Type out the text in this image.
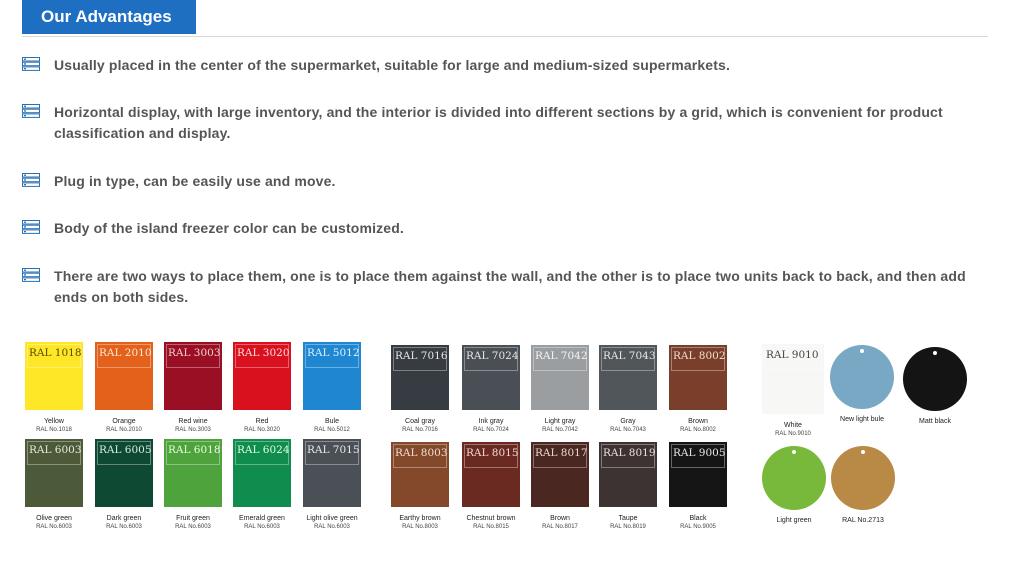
Our Advantages
Usually placed in the center of the supermarket, suitable for large and medium-sized supermarkets.
Horizontal display, with large inventory, and the interior is divided into different sections by a grid, which is convenient for product classification and display.
Plug in type, can be easily use and move.
Body of the island freezer color can be customized.
There are two ways to place them, one is to place them against the wall, and the other is to place two units back to back, and then add ends on both sides.
RAL 1018
Yellow
RAL No.1018
RAL 2010
Orange
RAL No.2010
RAL 3003
Red wine
RAL No.3003
RAL 3020
Red
RAL No.3020
RAL 5012
Bule
RAL No.5012
RAL 6003
Olive green
RAL No.6003
RAL 6005
Dark green
RAL No.6003
RAL 6018
Fruit green
RAL No.6003
RAL 6024
Emerald green
RAL No.6003
RAL 7015
Light olive green
RAL No.6003
RAL 7016
Coal gray
RAL No.7016
RAL 7024
Ink gray
RAL No.7024
RAL 7042
Light gray
RAL No.7042
RAL 7043
Gray
RAL No.7043
RAL 8002
Brown
RAL No.8002
RAL 8003
Earthy brown
RAL No.8003
RAL 8015
Chestnut brown
RAL No.8015
RAL 8017
Brown
RAL No.8017
RAL 8019
Taupe
RAL No.8019
RAL 9005
Black
RAL No.9005
RAL 9010
White
RAL No.9010
New light bule	Matt black
Light green	RAL No.2713
